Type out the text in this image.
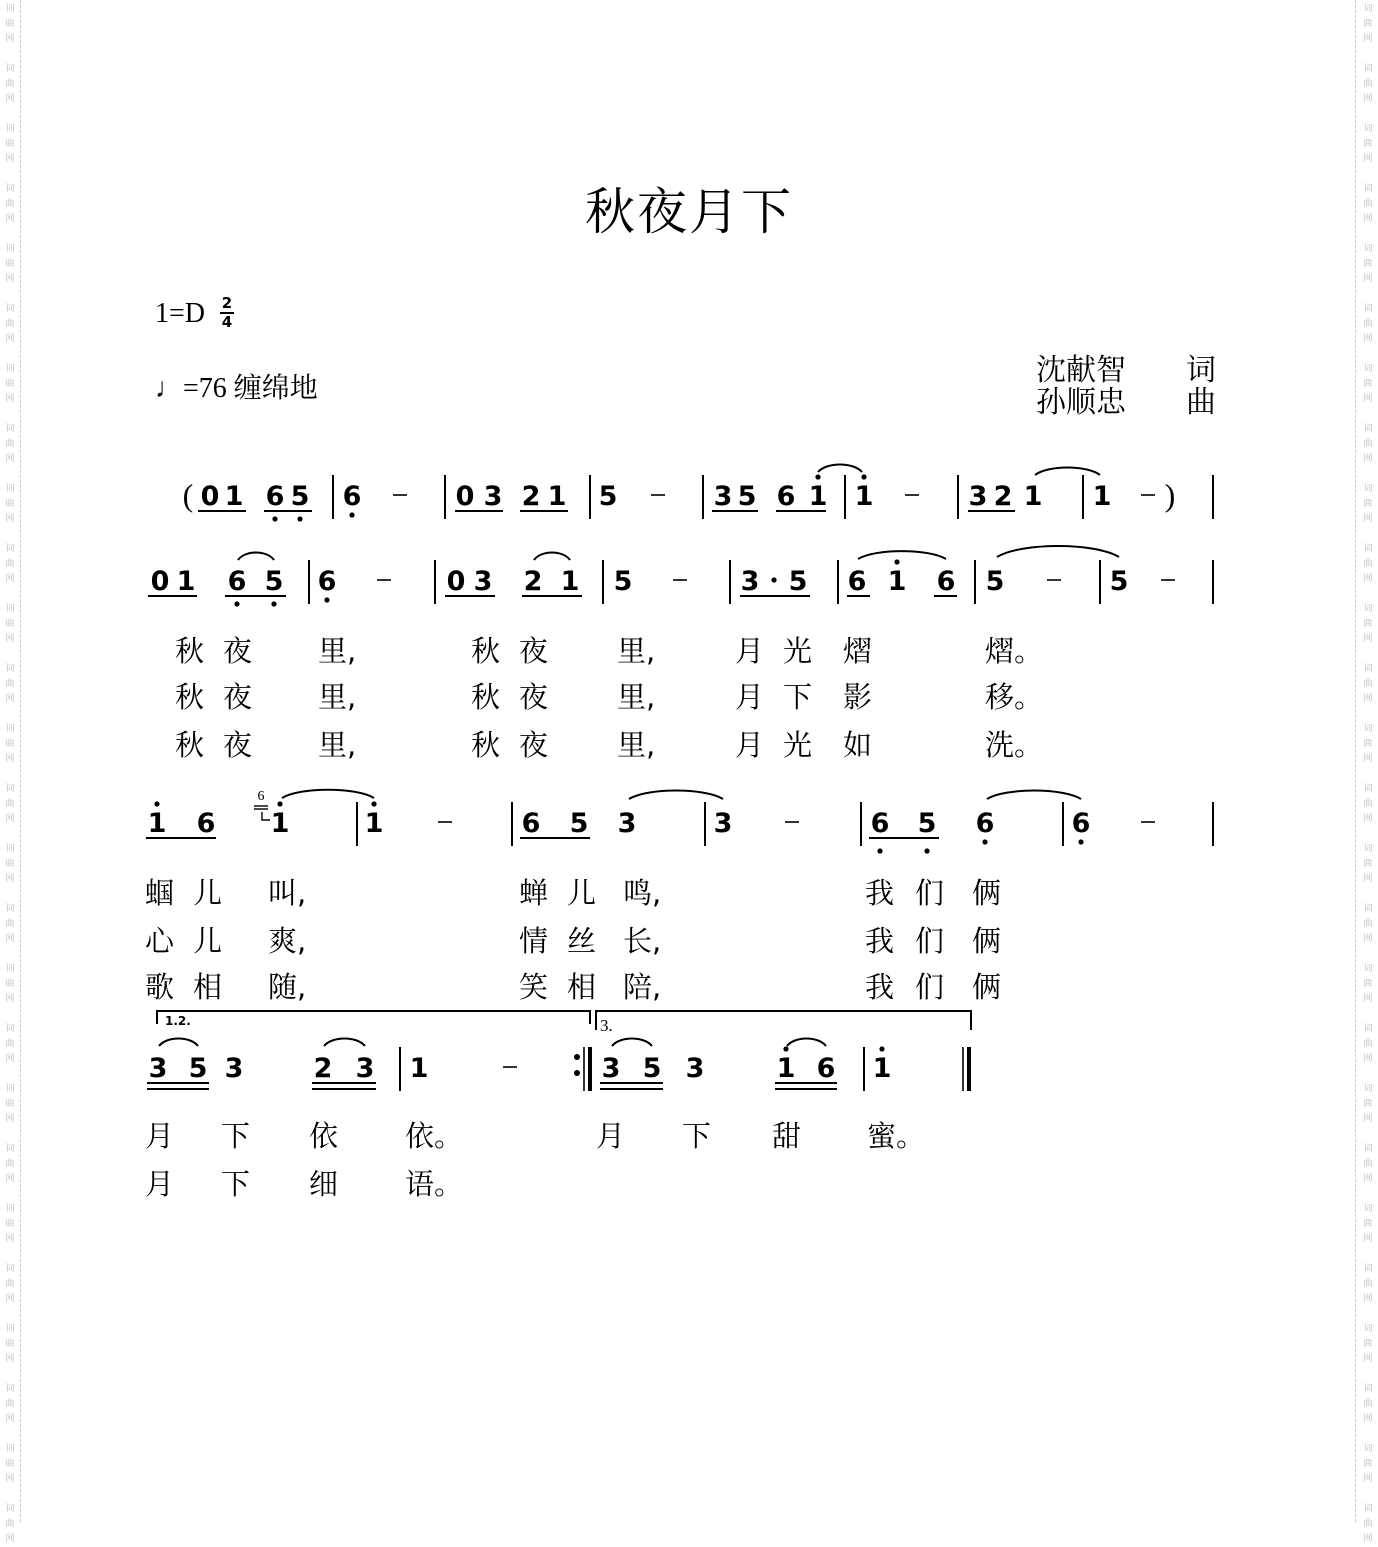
词
曲
网
词
曲
网
词
曲
网
词
曲
网
词
曲
网
词
曲
网
词
曲
网
词
曲
网
词
曲
网
词
曲
网
词
曲
网
词
曲
网
词
曲
网
词
曲
网
词
曲
网
词
曲
网
词
曲
网
词
曲
网
词
曲
网
词
曲
网
词
曲
网
词
曲
网
词
曲
网
词
曲
网
词
曲
网
词
曲
网
词
曲
网
词
曲
网
词
曲
网
词
曲
网
词
曲
网
词
曲
网
词
曲
网
词
曲
网
词
曲
网
词
曲
网
词
曲
网
词
曲
网
词
曲
网
词
曲
网
词
曲
网
词
曲
网
词
曲
网
词
曲
网
词
曲
网
词
曲
网
词
曲
网
词
曲
网
词
曲
网
词
曲
网
词
曲
网
词
曲
网
秋夜月下
1=D 2
4
♩=76 缠绵地
沈献智 词
孙顺忠 曲
( 0 1 6 5 6	0 3 2 1 5	3 5 6 1 1	3 2 1 1 )
0 1 6 5 6	0 3 2 1 5	3 5 6 1 6 5	5
1 6
6
1	1	6 5 3	3	6 5 6	6
1.2.	3.
3 5 3	2 3 1	3 5 3	1 6 1
秋 夜 里,	秋 夜 里,	月 光 熠	熠。
秋 夜 里,	秋 夜 里,	月 下 影	移。
秋 夜 里,	秋 夜 里,	月 光 如	洗。
蝈 儿 叫,	蝉 儿 鸣,	我 们 俩
心 儿 爽,	情 丝 长,	我 们 俩
歌 相 随,	笑 相 陪,	我 们 俩
月 下 依 依。	月 下 甜 蜜。
月 下 细 语。
